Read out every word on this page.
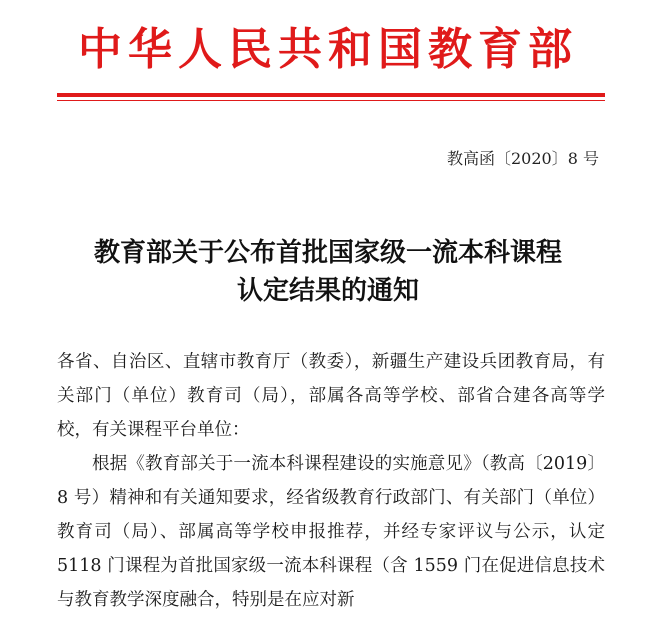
中华人民共和国教育部
教高函〔2020〕8 号
教育部关于公布首批国家级一流本科课程
认定结果的通知

各省、自治区、直辖市教育厅（教委），新疆生产建设兵团教育局，有关部门（单位）教育司（局），部属各高等学校、部省合建各高等学校，有关课程平台单位：

根据《教育部关于一流本科课程建设的实施意见》（教高〔2019〕8 号）精神和有关通知要求，经省级教育行政部门、有关部门（单位）教育司（局）、部属高等学校申报推荐，并经专家评议与公示，认定 5118 门课程为首批国家级一流本科课程（含 1559 门在促进信息技术与教育教学深度融合，特别是在应对新
